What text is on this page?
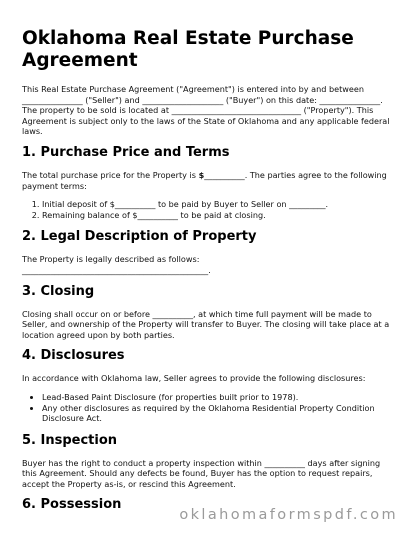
Oklahoma Real Estate Purchase Agreement

This Real Estate Purchase Agreement ("Agreement") is entered into by and between _______________ ("Seller") and ____________________ ("Buyer") on this date: _______________. The property to be sold is located at ________________________________ ("Property"). This Agreement is subject only to the laws of the State of Oklahoma and any applicable federal laws.

1. Purchase Price and Terms

The total purchase price for the Property is $__________. The parties agree to the following payment terms:

1. Initial deposit of $__________ to be paid by Buyer to Seller on _________.
2. Remaining balance of $__________ to be paid at closing.
2. Legal Description of Property

The Property is legally described as follows:

______________________________________________.

3. Closing

Closing shall occur on or before __________, at which time full payment will be made to Seller, and ownership of the Property will transfer to Buyer. The closing will take place at a location agreed upon by both parties.

4. Disclosures

In accordance with Oklahoma law, Seller agrees to provide the following disclosures:

• Lead-Based Paint Disclosure (for properties built prior to 1978).
• Any other disclosures as required by the Oklahoma Residential Property Condition Disclosure Act.
5. Inspection

Buyer has the right to conduct a property inspection within __________ days after signing this Agreement. Should any defects be found, Buyer has the option to request repairs, accept the Property as-is, or rescind this Agreement.

6. Possession
oklahomaformspdf.com
